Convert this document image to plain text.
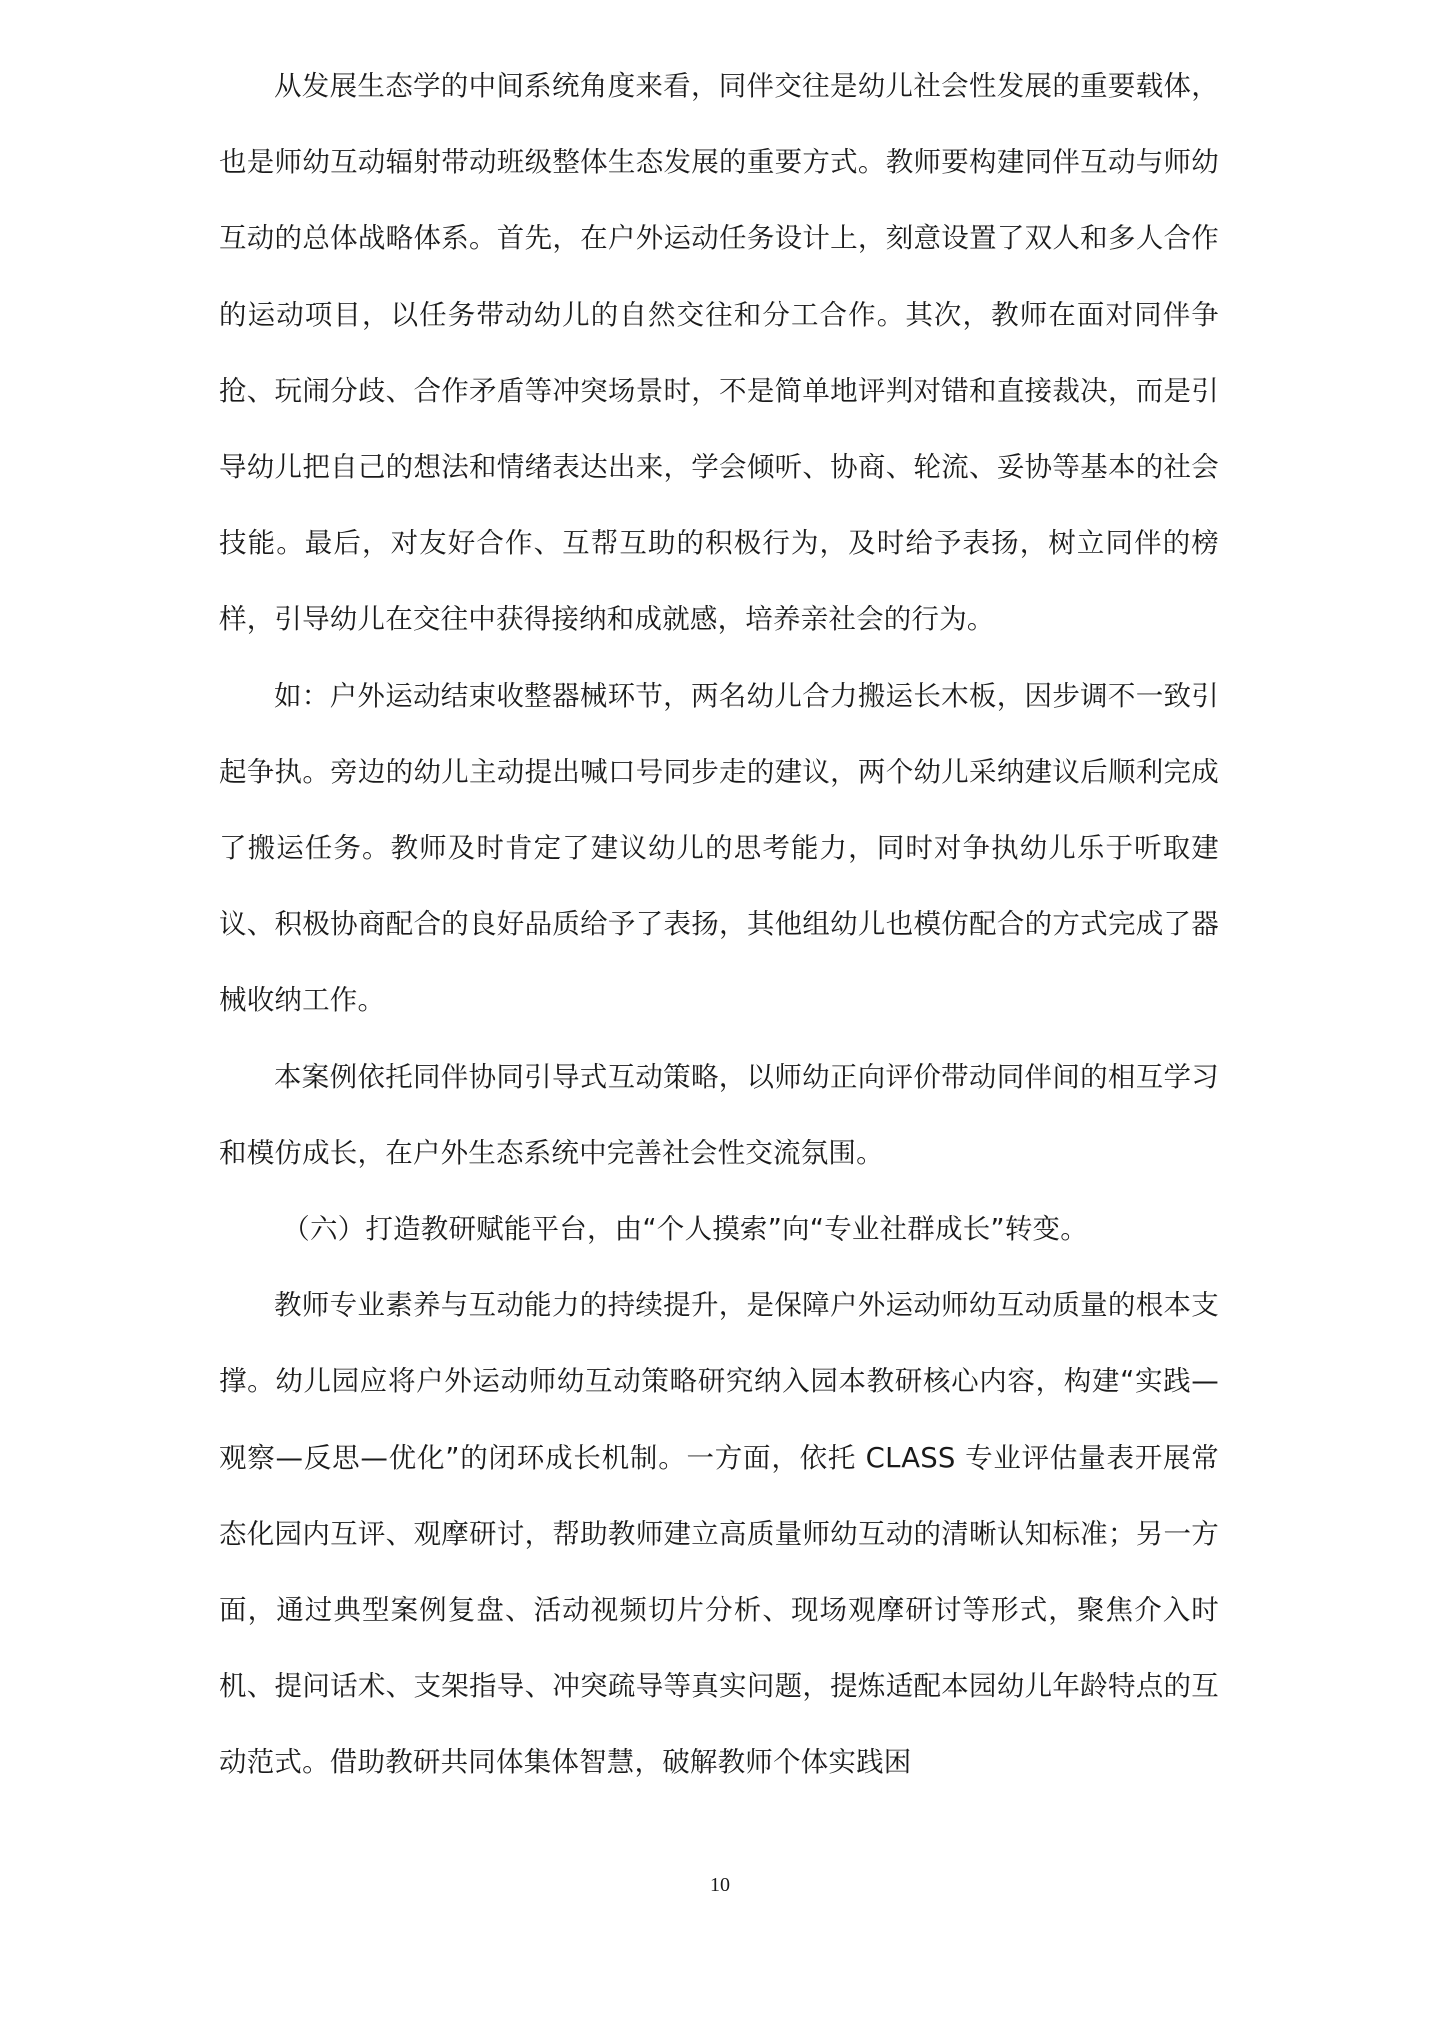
从发展生态学的中间系统角度来看，同伴交往是幼儿社会性发展的重要载体，也是师幼互动辐射带动班级整体生态发展的重要方式。教师要构建同伴互动与师幼互动的总体战略体系。首先，在户外运动任务设计上，刻意设置了双人和多人合作的运动项目，以任务带动幼儿的自然交往和分工合作。其次，教师在面对同伴争抢、玩闹分歧、合作矛盾等冲突场景时，不是简单地评判对错和直接裁决，而是引导幼儿把自己的想法和情绪表达出来，学会倾听、协商、轮流、妥协等基本的社会技能。最后，对友好合作、互帮互助的积极行为，及时给予表扬，树立同伴的榜样，引导幼儿在交往中获得接纳和成就感，培养亲社会的行为。

如：户外运动结束收整器械环节，两名幼儿合力搬运长木板，因步调不一致引起争执。旁边的幼儿主动提出喊口号同步走的建议，两个幼儿采纳建议后顺利完成了搬运任务。教师及时肯定了建议幼儿的思考能力，同时对争执幼儿乐于听取建议、积极协商配合的良好品质给予了表扬，其他组幼儿也模仿配合的方式完成了器械收纳工作。

本案例依托同伴协同引导式互动策略，以师幼正向评价带动同伴间的相互学习和模仿成长，在户外生态系统中完善社会性交流氛围。

（六）打造教研赋能平台，由“个人摸索”向“专业社群成长”转变。

教师专业素养与互动能力的持续提升，是保障户外运动师幼互动质量的根本支撑。幼儿园应将户外运动师幼互动策略研究纳入园本教研核心内容，构建“实践—观察—反思—优化”的闭环成长机制。一方面，依托 CLASS 专业评估量表开展常态化园内互评、观摩研讨，帮助教师建立高质量师幼互动的清晰认知标准；另一方面，通过典型案例复盘、活动视频切片分析、现场观摩研讨等形式，聚焦介入时机、提问话术、支架指导、冲突疏导等真实问题，提炼适配本园幼儿年龄特点的互动范式。借助教研共同体集体智慧，破解教师个体实践困

10
